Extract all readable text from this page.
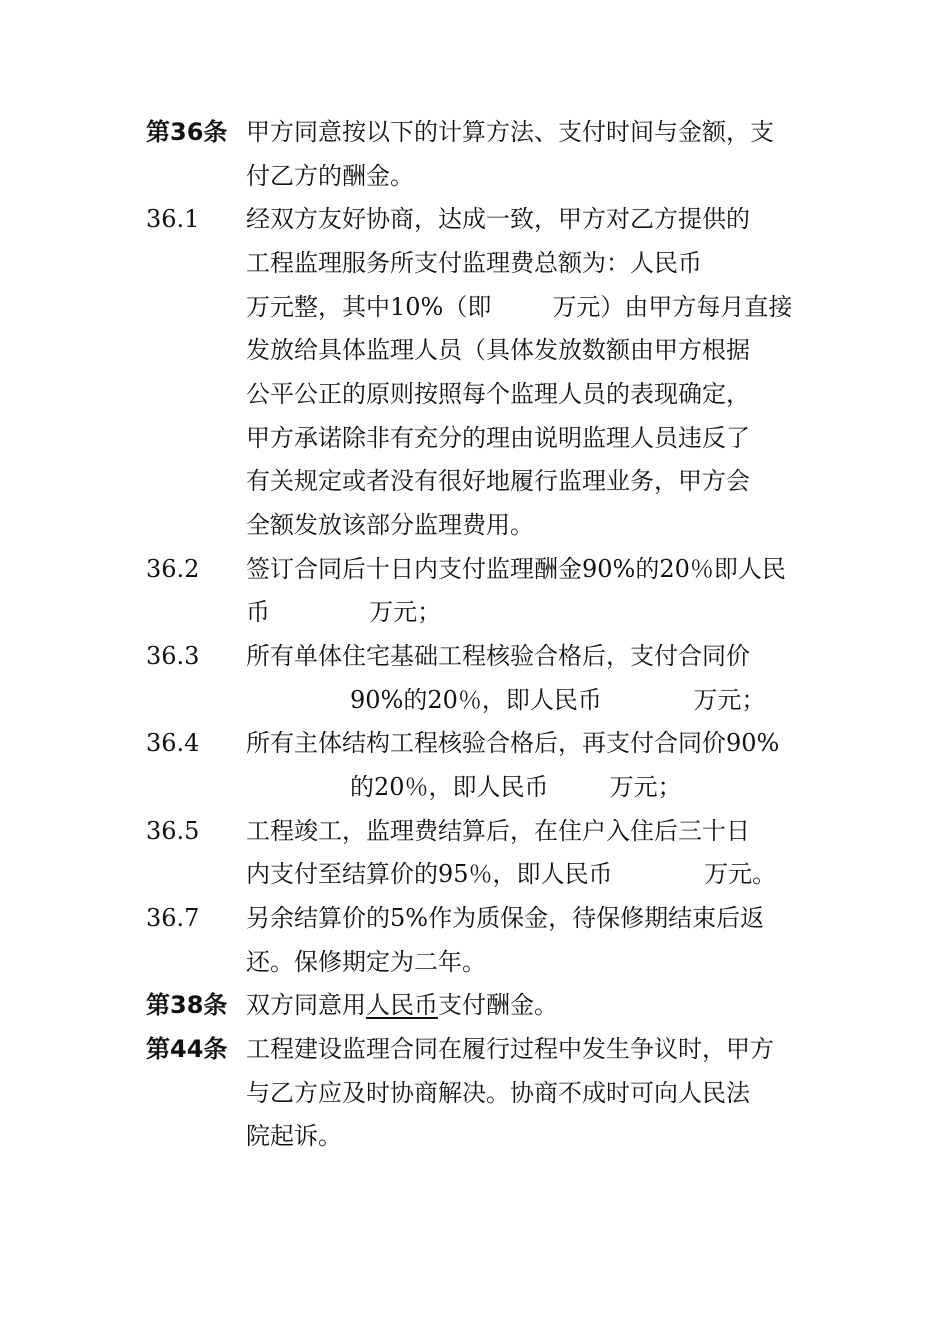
第36条 甲方同意按以下的计算方法、支付时间与金额，支
付乙方的酬金。
36.1 经双方友好协商，达成一致，甲方对乙方提供的
工程监理服务所支付监理费总额为：人民币
万元整，其中10%（即        万元）由甲方每月直接
发放给具体监理人员（具体发放数额由甲方根据
公平公正的原则按照每个监理人员的表现确定，
甲方承诺除非有充分的理由说明监理人员违反了
有关规定或者没有很好地履行监理业务，甲方会
全额发放该部分监理费用。
36.2 签订合同后十日内支付监理酬金90%的20％即人民
币             万元；
36.3 所有单体住宅基础工程核验合格后，支付合同价
90%的20％，即人民币            万元；
36.4 所有主体结构工程核验合格后，再支付合同价90%
的20％，即人民币        万元；
36.5 工程竣工，监理费结算后，在住户入住后三十日
内支付至结算价的95％，即人民币            万元。
36.7 另余结算价的5%作为质保金，待保修期结束后返
还。保修期定为二年。
第38条 双方同意用人民币支付酬金。
第44条 工程建设监理合同在履行过程中发生争议时，甲方
与乙方应及时协商解决。协商不成时可向人民法
院起诉。
